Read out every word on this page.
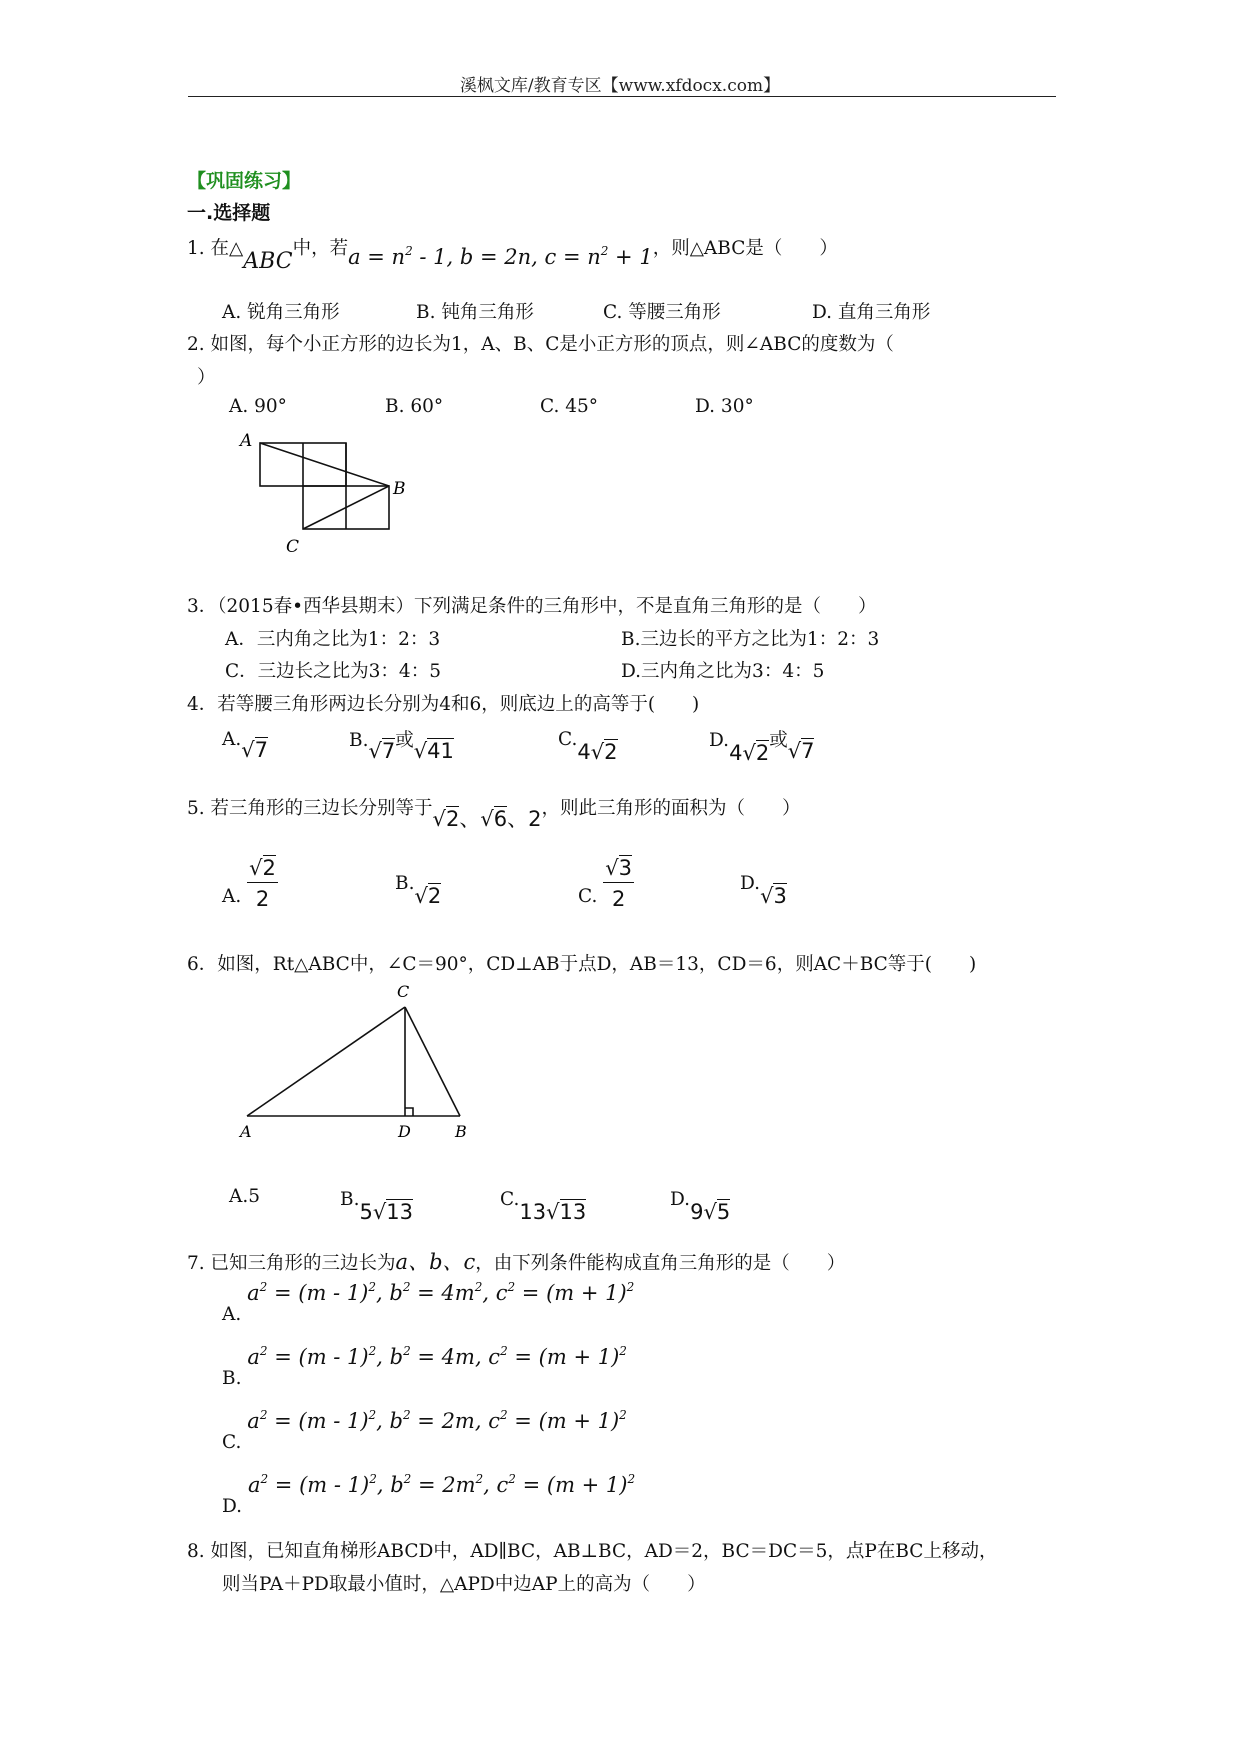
溪枫文库/教育专区【www.xfdocx.com】
【巩固练习】
一.选择题
1. 在△ABC中，若$a = n^2 - 1$, b = 2n, $c = n^2 + 1$，则△ABC是（　　）
A. 锐角三角形	B. 钝角三角形	C. 等腰三角形	D. 直角三角形
2. 如图，每个小正方形的边长为1，A、B、C是小正方形的顶点，则∠ABC的度数为（
）
A. 90°	B. 60°	C. 45°	D. 30°
A
B
C
3．（2015春•西华县期末）下列满足条件的三角形中，不是直角三角形的是（　　）
A．三内角之比为1：2：3	B.三边长的平方之比为1：2：3
C．三边长之比为3：4：5	D.三内角之比为3：4：5
4．若等腰三角形两边长分别为4和6，则底边上的高等于(　　)
A.√7	B.√7或√41	C.4√2	D.4√2或√7
5. 若三角形的三边长分别等于√2、√6、2，则此三角形的面积为（　　）
A. $\frac{√2}{2}$	B.√2	C. $\frac{√3}{2}$	D.√3
6．如图，Rt△ABC中，∠C＝90°，CD⊥AB于点D，AB＝13，CD＝6，则AC＋BC等于(　　)
C
A	D	B
A.5	B.5√13
C.13√13
D.9√5
7. 已知三角形的三边长为a、b、c，由下列条件能构成直角三角形的是（　　）
A. $a^2 = (m - 1)^2$, $b^2 = 4m^2$, $c^2 = (m + 1)^2$
B. $a^2 = (m - 1)^2$, $b^2 = 4m$, $c^2 = (m + 1)^2$
C. $a^2 = (m - 1)^2$, $b^2 = 2m$, $c^2 = (m + 1)^2$
D. $a^2 = (m - 1)^2$, $b^2 = 2m^2$, $c^2 = (m + 1)^2$
8. 如图，已知直角梯形ABCD中，AD∥BC，AB⊥BC，AD＝2，BC＝DC＝5，点P在BC上移动，
则当PA＋PD取最小值时，△APD中边AP上的高为（　　）
